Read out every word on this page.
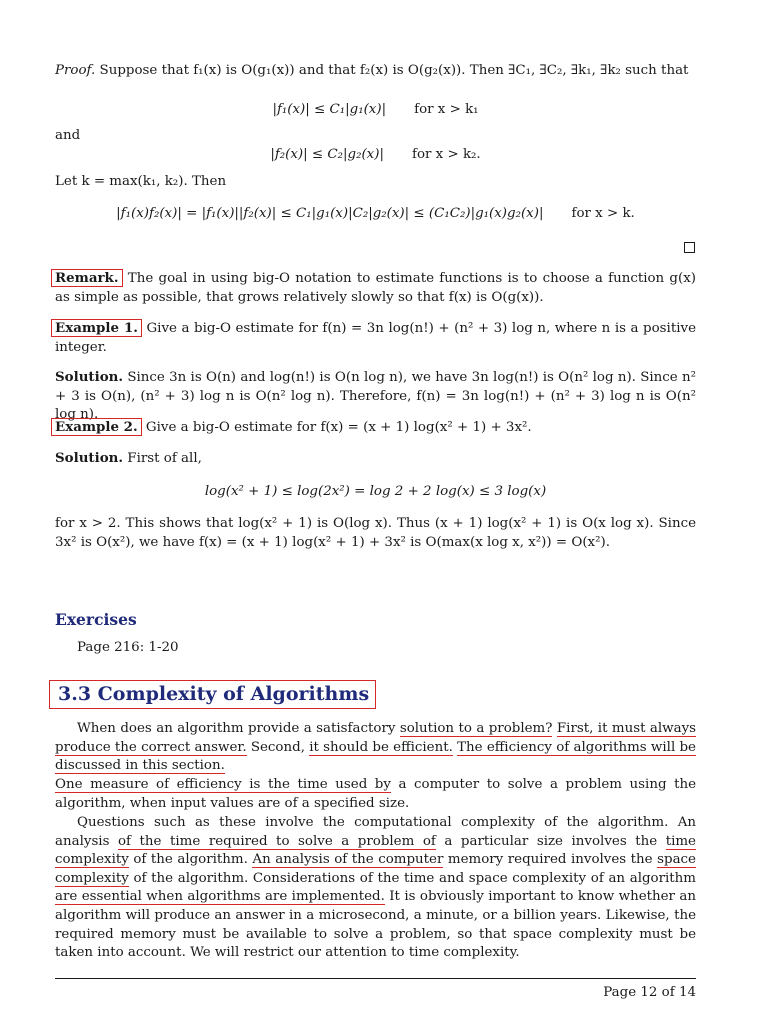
Proof. Suppose that f₁(x) is O(g₁(x)) and that f₂(x) is O(g₂(x)). Then ∃C₁, ∃C₂, ∃k₁, ∃k₂ such that
|f₁(x)| ≤ C₁|g₁(x)| for x > k₁
and
|f₂(x)| ≤ C₂|g₂(x)| for x > k₂.
Let k = max(k₁, k₂). Then
|f₁(x)f₂(x)| = |f₁(x)||f₂(x)| ≤ C₁|g₁(x)|C₂|g₂(x)| ≤ (C₁C₂)|g₁(x)g₂(x)| for x > k.
Remark. The goal in using big-O notation to estimate functions is to choose a function g(x) as simple as possible, that grows relatively slowly so that f(x) is O(g(x)).
Example 1. Give a big-O estimate for f(n) = 3n log(n!) + (n² + 3) log n, where n is a positive integer.
Solution. Since 3n is O(n) and log(n!) is O(n log n), we have 3n log(n!) is O(n² log n). Since n² + 3 is O(n), (n² + 3) log n is O(n² log n). Therefore, f(n) = 3n log(n!) + (n² + 3) log n is O(n² log n).
Example 2. Give a big-O estimate for f(x) = (x + 1) log(x² + 1) + 3x².
Solution. First of all,
log(x² + 1) ≤ log(2x²) = log 2 + 2 log(x) ≤ 3 log(x)
for x > 2. This shows that log(x² + 1) is O(log x). Thus (x + 1) log(x² + 1) is O(x log x). Since 3x² is O(x²), we have f(x) = (x + 1) log(x² + 1) + 3x² is O(max(x log x, x²)) = O(x²).
Exercises
Page 216: 1-20
3.3 Complexity of Algorithms
When does an algorithm provide a satisfactory solution to a problem? First, it must always produce the correct answer. Second, it should be efficient. The efficiency of algorithms will be discussed in this section.
One measure of efficiency is the time used by a computer to solve a problem using the algorithm, when input values are of a specified size.
Questions such as these involve the computational complexity of the algorithm. An analysis of the time required to solve a problem of a particular size involves the time complexity of the algorithm. An analysis of the computer memory required involves the space complexity of the algorithm. Considerations of the time and space complexity of an algorithm are essential when algorithms are implemented. It is obviously important to know whether an algorithm will produce an answer in a microsecond, a minute, or a billion years. Likewise, the required memory must be available to solve a problem, so that space complexity must be taken into account. We will restrict our attention to time complexity.
Page 12 of 14
